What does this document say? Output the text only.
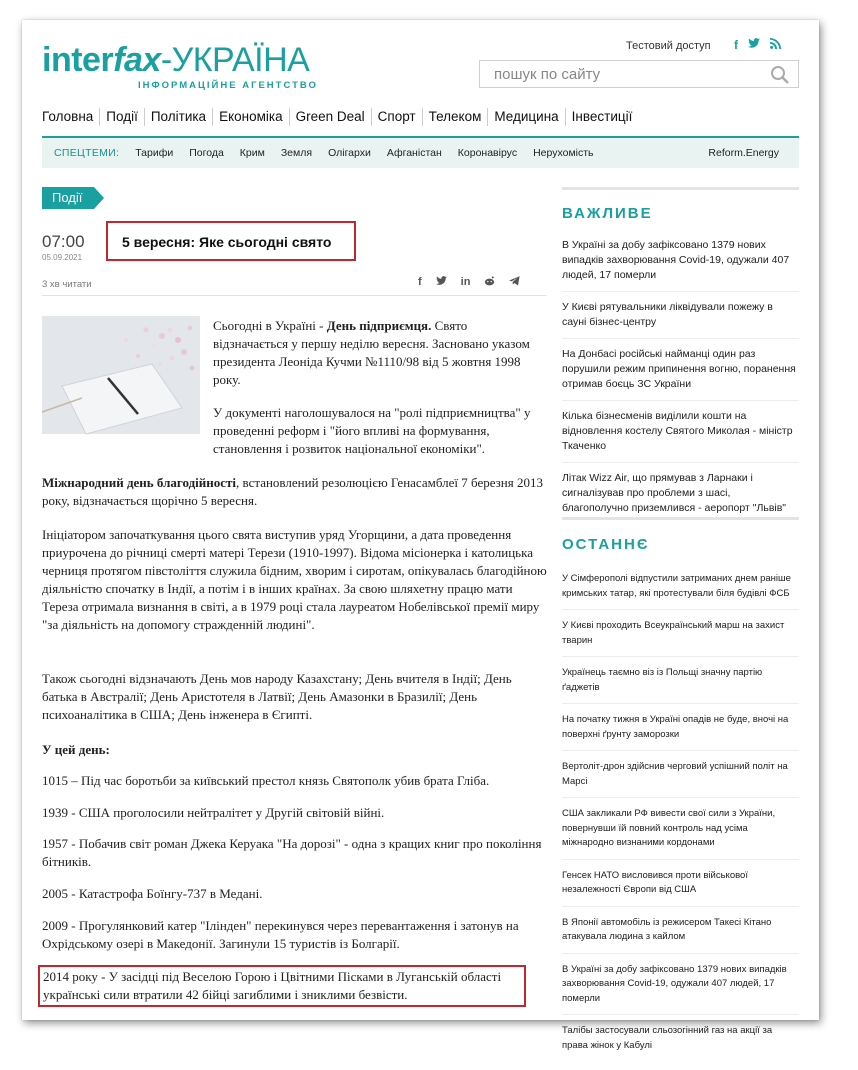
interfax-УКРАЇНА
ІНФОРМАЦІЙНЕ АГЕНТСТВО
Тестовий доступ f
пошук по сайту
Головна Події Політика Економіка Green Deal Спорт Телеком Медицина Інвестиції
СПЕЦТЕМИ:	Тарифи	Погода	Крим	Земля	Олігархи	Афганістан	Коронавірус	Нерухомість	Reform.Energy
Події
07:00
05.09.2021
5 вересня: Яке сьогодні свято
3 хв читати	f	in
Сьогодні в Україні - День підприємця. Свято відзначається у першу неділю вересня. Засновано указом президента Леоніда Кучми №1110/98 від 5 жовтня 1998 року.
У документі наголошувалося на "ролі підприємництва" у проведенні реформ і "його впливі на формування, становлення і розвиток національної економіки".
Міжнародний день благодійності, встановлений резолюцією Генасамблеї 7 березня 2013 року, відзначається щорічно 5 вересня.
Ініціатором започаткування цього свята виступив уряд Угорщини, а дата проведення приурочена до річниці смерті матері Терези (1910-1997). Відома місіонерка і католицька черниця протягом півстоліття служила бідним, хворим і сиротам, опікувалась благодійною діяльністю спочатку в Індії, а потім і в інших країнах. За свою шляхетну працю мати Тереза отримала визнання в світі, а в 1979 році стала лауреатом Нобелівської премії миру "за діяльність на допомогу стражденній людині".
Також сьогодні відзначають День мов народу Казахстану; День вчителя в Індії; День батька в Австралії; День Аристотеля в Латвії; День Амазонки в Бразилії; День психоаналітика в США; День інженера в Єгипті.
У цей день:
1015 – Під час боротьби за київський престол князь Святополк убив брата Гліба.
1939 - США проголосили нейтралітет у Другій світовій війні.
1957 - Побачив світ роман Джека Керуака "На дорозі" - одна з кращих книг про покоління бітників.
2005 - Катастрофа Боїнгу-737 в Медані.
2009 - Прогулянковий катер "Ілінден" перекинувся через перевантаження і затонув на Охрідському озері в Македонії. Загинули 15 туристів із Болгарії.
2014 року - У засідці під Веселою Горою і Цвітними Пісками в Луганській області українські сили втратили 42 бійці загиблими і зниклими безвісти.
ВАЖЛИВЕ
В Україні за добу зафіксовано 1379 нових випадків захворювання Covid-19, одужали 407 людей, 17 померли
У Києві рятувальники ліквідували пожежу в сауні бізнес-центру
На Донбасі російські найманці один раз порушили режим припинення вогню, поранення отримав боєць ЗС України
Кілька бізнесменів виділили кошти на відновлення костелу Святого Миколая - міністр Ткаченко
Літак Wizz Air, що прямував з Ларнаки і сигналізував про проблеми з шасі, благополучно приземлився - аеропорт "Львів"
ОСТАННЄ
У Сімферополі відпустили затриманих днем раніше кримських татар, які протестували біля будівлі ФСБ
У Києві проходить Всеукраїнський марш на захист тварин
Українець таємно віз із Польщі значну партію ґаджетів
На початку тижня в Україні опадів не буде, вночі на поверхні ґрунту заморозки
Вертоліт-дрон здійснив черговий успішний політ на Марсі
США закликали РФ вивести свої сили з України, повернувши їй повний контроль над усіма міжнародно визнаними кордонами
Генсек НАТО висловився проти військової незалежності Європи від США
В Японії автомобіль із режисером Такесі Кітано атакувала людина з кайлом
В Україні за добу зафіксовано 1379 нових випадків захворювання Covid-19, одужали 407 людей, 17 померли
Талібы застосували сльозогінний газ на акції за права жінок у Кабулі
